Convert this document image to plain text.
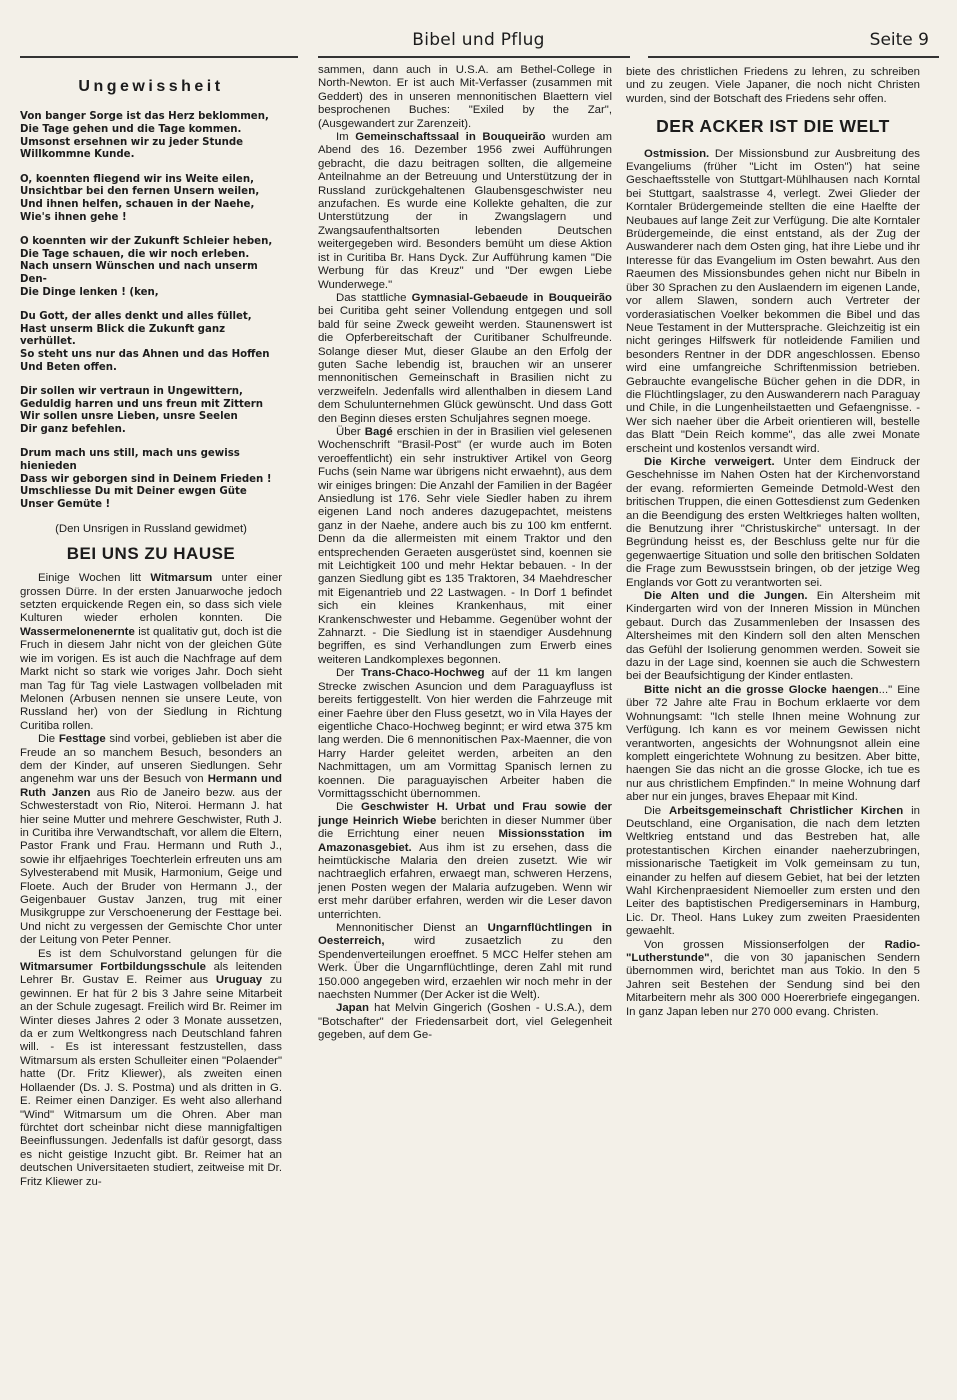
Bibel und Pflug	Seite 9
Ungewissheit
Von banger Sorge ist das Herz beklommen,
Die Tage gehen und die Tage kommen.
Umsonst ersehnen wir zu jeder Stunde
Willkommne Kunde.
O, koennten fliegend wir ins Weite eilen,
Unsichtbar bei den fernen Unsern weilen,
Und ihnen helfen, schauen in der Naehe,
Wie's ihnen gehe !
O koennten wir der Zukunft Schleier heben,
Die Tage schauen, die wir noch erleben.
Nach unsern Wünschen und nach unserm Den-
Die Dinge lenken ! (ken,
Du Gott, der alles denkt und alles füllet,
Hast unserm Blick die Zukunft ganz verhüllet.
So steht uns nur das Ahnen und das Hoffen
Und Beten offen.
Dir sollen wir vertraun in Ungewittern,
Geduldig harren und uns freun mit Zittern
Wir sollen unsre Lieben, unsre Seelen
Dir ganz befehlen.
Drum mach uns still, mach uns gewiss hienieden
Dass wir geborgen sind in Deinem Frieden !
Umschliesse Du mit Deiner ewgen Güte
Unser Gemüte !
(Den Unsrigen in Russland gewidmet)
BEI UNS ZU HAUSE

Einige Wochen litt Witmarsum unter einer grossen Dürre. In der ersten Januarwoche jedoch setzten erquickende Regen ein, so dass sich viele Kulturen wieder erholen konnten. Die Wassermelonenernte ist qualitativ gut, doch ist die Fruch in diesem Jahr nicht von der gleichen Güte wie im vorigen. Es ist auch die Nachfrage auf dem Markt nicht so stark wie voriges Jahr. Doch sieht man Tag für Tag viele Lastwagen vollbeladen mit Melonen (Arbusen nennen sie unsere Leute, von Russland her) von der Siedlung in Richtung Curitiba rollen.

Die Festtage sind vorbei, geblieben ist aber die Freude an so manchem Besuch, besonders an dem der Kinder, auf unseren Siedlungen. Sehr angenehm war uns der Besuch von Hermann und Ruth Janzen aus Rio de Janeiro bezw. aus der Schwesterstadt von Rio, Niteroi. Hermann J. hat hier seine Mutter und mehrere Geschwister, Ruth J. in Curitiba ihre Verwandtschaft, vor allem die Eltern, Pastor Frank und Frau. Hermann und Ruth J., sowie ihr elfjaehriges Toechterlein erfreuten uns am Sylvesterabend mit Musik, Harmonium, Geige und Floete. Auch der Bruder von Hermann J., der Geigenbauer Gustav Janzen, trug mit einer Musikgruppe zur Verschoenerung der Festtage bei. Und nicht zu vergessen der Gemischte Chor unter der Leitung von Peter Penner.

Es ist dem Schulvorstand gelungen für die Witmarsumer Fortbildungsschule als leitenden Lehrer Br. Gustav E. Reimer aus Uruguay zu gewinnen. Er hat für 2 bis 3 Jahre seine Mitarbeit an der Schule zugesagt. Freilich wird Br. Reimer im Winter dieses Jahres 2 oder 3 Monate aussetzen, da er zum Weltkongress nach Deutschland fahren will. - Es ist interessant festzustellen, dass Witmarsum als ersten Schulleiter einen "Polaender" hatte (Dr. Fritz Kliewer), als zweiten einen Hollaender (Ds. J. S. Postma) und als dritten in G. E. Reimer einen Danziger. Es weht also allerhand "Wind" Witmarsum um die Ohren. Aber man fürchtet dort scheinbar nicht diese mannigfaltigen Beeinflussungen. Jedenfalls ist dafür gesorgt, dass es nicht geistige Inzucht gibt. Br. Reimer hat an deutschen Universitaeten studiert, zeitweise mit Dr. Fritz Kliewer zu-

sammen, dann auch in U.S.A. am Bethel-College in North-Newton. Er ist auch Mit-Verfasser (zusammen mit Geddert) des in unseren mennonitischen Blaettern viel besprochenen Buches: "Exiled by the Zar", (Ausgewandert zur Zarenzeit).

Im Gemeinschaftssaal in Bouqueirão wurden am Abend des 16. Dezember 1956 zwei Aufführungen gebracht, die dazu beitragen sollten, die allgemeine Anteilnahme an der Betreuung und Unterstützung der in Russland zurückgehaltenen Glaubensgeschwister neu anzufachen. Es wurde eine Kollekte gehalten, die zur Unterstützung der in Zwangslagern und Zwangsaufenthaltsorten lebenden Deutschen weitergegeben wird. Besonders bemüht um diese Aktion ist in Curitiba Br. Hans Dyck. Zur Aufführung kamen "Die Werbung für das Kreuz" und "Der ewgen Liebe Wunderwege."

Das stattliche Gymnasial-Gebaeude in Bouqueirão bei Curitiba geht seiner Vollendung entgegen und soll bald für seine Zweck geweiht werden. Staunenswert ist die Opferbereitschaft der Curitibaner Schulfreunde. Solange dieser Mut, dieser Glaube an den Erfolg der guten Sache lebendig ist, brauchen wir an unserer mennonitischen Gemeinschaft in Brasilien nicht zu verzweifeln. Jedenfalls wird allenthalben in diesem Land dem Schulunternehmen Glück gewünscht. Und dass Gott den Beginn dieses ersten Schuljahres segnen moege.

Über Bagé erschien in der in Brasilien viel gelesenen Wochenschrift "Brasil-Post" (er wurde auch im Boten veroeffentlicht) ein sehr instruktiver Artikel von Georg Fuchs (sein Name war übrigens nicht erwaehnt), aus dem wir einiges bringen: Die Anzahl der Familien in der Bagéer Ansiedlung ist 176. Sehr viele Siedler haben zu ihrem eigenen Land noch anderes dazugepachtet, meistens ganz in der Naehe, andere auch bis zu 100 km entfernt. Denn da die allermeisten mit einem Traktor und den entsprechenden Geraeten ausgerüstet sind, koennen sie mit Leichtigkeit 100 und mehr Hektar bebauen. - In der ganzen Siedlung gibt es 135 Traktoren, 34 Maehdrescher mit Eigenantrieb und 22 Lastwagen. - In Dorf 1 befindet sich ein kleines Krankenhaus, mit einer Krankenschwester und Hebamme. Gegenüber wohnt der Zahnarzt. - Die Siedlung ist in staendiger Ausdehnung begriffen, es sind Verhandlungen zum Erwerb eines weiteren Landkomplexes begonnen.

Der Trans-Chaco-Hochweg auf der 11 km langen Strecke zwischen Asuncion und dem Paraguayfluss ist bereits fertiggestellt. Von hier werden die Fahrzeuge mit einer Faehre über den Fluss gesetzt, wo in Vila Hayes der eigentliche Chaco-Hochweg beginnt; er wird etwa 375 km lang werden. Die 6 mennonitischen Pax-Maenner, die von Harry Harder geleitet werden, arbeiten an den Nachmittagen, um am Vormittag Spanisch lernen zu koennen. Die paraguayischen Arbeiter haben die Vormittagsschicht übernommen.

Die Geschwister H. Urbat und Frau sowie der junge Heinrich Wiebe berichten in dieser Nummer über die Errichtung einer neuen Missionsstation im Amazonasgebiet. Aus ihm ist zu ersehen, dass die heimtückische Malaria den dreien zusetzt. Wie wir nachtraeglich erfahren, erwaegt man, schweren Herzens, jenen Posten wegen der Malaria aufzugeben. Wenn wir erst mehr darüber erfahren, werden wir die Leser davon unterrichten.

Mennonitischer Dienst an Ungarnflüchtlingen in Oesterreich, wird zusaetzlich zu den Spendenverteilungen eroeffnet. 5 MCC Helfer stehen am Werk. Über die Ungarnflüchtlinge, deren Zahl mit rund 150.000 angegeben wird, erzaehlen wir noch mehr in der naechsten Nummer (Der Acker ist die Welt).

Japan hat Melvin Gingerich (Goshen - U.S.A.), dem "Botschafter" der Friedensarbeit dort, viel Gelegenheit gegeben, auf dem Ge-

biete des christlichen Friedens zu lehren, zu schreiben und zu zeugen. Viele Japaner, die noch nicht Christen wurden, sind der Botschaft des Friedens sehr offen.

DER ACKER IST DIE WELT

Ostmission. Der Missionsbund zur Ausbreitung des Evangeliums (früher "Licht im Osten") hat seine Geschaeftsstelle von Stuttgart-Mühlhausen nach Korntal bei Stuttgart, saalstrasse 4, verlegt. Zwei Glieder der Korntaler Brüdergemeinde stellten die eine Haelfte der Neubaues auf lange Zeit zur Verfügung. Die alte Korntaler Brüdergemeinde, die einst entstand, als der Zug der Auswanderer nach dem Osten ging, hat ihre Liebe und ihr Interesse für das Evangelium im Osten bewahrt. Aus den Raeumen des Missionsbundes gehen nicht nur Bibeln in über 30 Sprachen zu den Auslaendern im eigenen Lande, vor allem Slawen, sondern auch Vertreter der vorderasiatischen Voelker bekommen die Bibel und das Neue Testament in der Muttersprache. Gleichzeitig ist ein nicht geringes Hilfswerk für notleidende Familien und besonders Rentner in der DDR angeschlossen. Ebenso wird eine umfangreiche Schriftenmission betrieben. Gebrauchte evangelische Bücher gehen in die DDR, in die Flüchtlingslager, zu den Auswanderern nach Paraguay und Chile, in die Lungenheilstaetten und Gefaengnisse. - Wer sich naeher über die Arbeit orientieren will, bestelle das Blatt "Dein Reich komme", das alle zwei Monate erscheint und kostenlos versandt wird.

Die Kirche verweigert. Unter dem Eindruck der Geschehnisse im Nahen Osten hat der Kirchenvorstand der evang. reformierten Gemeinde Detmold-West den britischen Truppen, die einen Gottesdienst zum Gedenken an die Beendigung des ersten Weltkrieges halten wollten, die Benutzung ihrer "Christuskirche" untersagt. In der Begründung heisst es, der Beschluss gelte nur für die gegenwaertige Situation und solle den britischen Soldaten die Frage zum Bewusstsein bringen, ob der jetzige Weg Englands vor Gott zu verantworten sei.

Die Alten und die Jungen. Ein Altersheim mit Kindergarten wird von der Inneren Mission in München gebaut. Durch das Zusammenleben der Insassen des Altersheimes mit den Kindern soll den alten Menschen das Gefühl der Isolierung genommen werden. Soweit sie dazu in der Lage sind, koennen sie auch die Schwestern bei der Beaufsichtigung der Kinder entlasten.

Bitte nicht an die grosse Glocke haengen..." Eine über 72 Jahre alte Frau in Bochum erklaerte vor dem Wohnungsamt: "Ich stelle Ihnen meine Wohnung zur Verfügung. Ich kann es vor meinem Gewissen nicht verantworten, angesichts der Wohnungsnot allein eine komplett eingerichtete Wohnung zu besitzen. Aber bitte, haengen Sie das nicht an die grosse Glocke, ich tue es nur aus christlichem Empfinden." In meine Wohnung darf aber nur ein junges, braves Ehepaar mit Kind.

Die Arbeitsgemeinschaft Christlicher Kirchen in Deutschland, eine Organisation, die nach dem letzten Weltkrieg entstand und das Bestreben hat, alle protestantischen Kirchen einander naeherzubringen, missionarische Taetigkeit im Volk gemeinsam zu tun, einander zu helfen auf diesem Gebiet, hat bei der letzten Wahl Kirchenpraesident Niemoeller zum ersten und den Leiter des baptistischen Predigerseminars in Hamburg, Lic. Dr. Theol. Hans Lukey zum zweiten Praesidenten gewaehlt.

Von grossen Missionserfolgen der Radio-"Lutherstunde", die von 30 japanischen Sendern übernommen wird, berichtet man aus Tokio. In den 5 Jahren seit Bestehen der Sendung sind bei den Mitarbeitern mehr als 300 000 Hoererbriefe eingegangen. In ganz Japan leben nur 270 000 evang. Christen.
